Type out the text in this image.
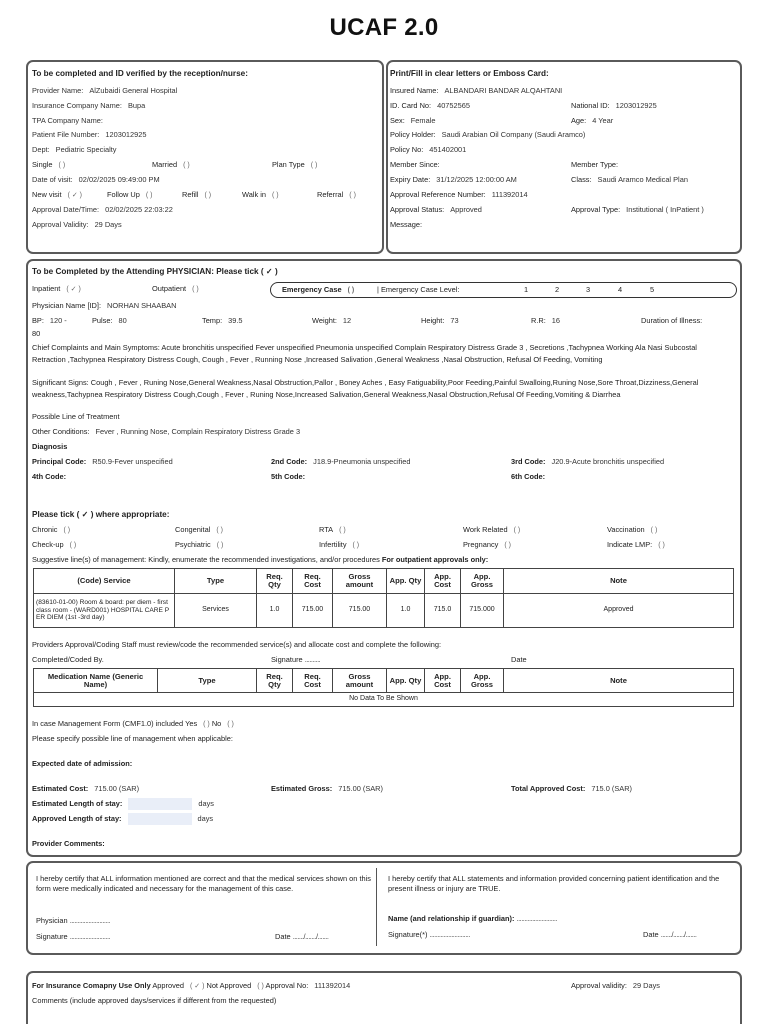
UCAF 2.0
To be completed and ID verified by the reception/nurse:
Provider Name: AlZubaidi General Hospital
Insurance Company Name: Bupa
TPA Company Name:
Patient File Number: 1203012925
Dept: Pediatric Specialty
Single ( )	Married ( )	Plan Type ( )
Date of visit: 02/02/2025 09:49:00 PM
New visit ( ✓ )	Follow Up ( )	Refill ( )	Walk in ( )	Referral ( )
Approval Date/Time: 02/02/2025 22:03:22
Approval Validity: 29 Days
Print/Fill in clear letters or Emboss Card:
Insured Name: ALBANDARI BANDAR ALQAHTANI
ID. Card No: 40752565	National ID: 1203012925
Sex: Female	Age: 4 Year
Policy Holder: Saudi Arabian Oil Company (Saudi Aramco)
Policy No: 451402001
Member Since:	Member Type:
Expiry Date: 31/12/2025 12:00:00 AM	Class: Saudi Aramco Medical Plan
Approval Reference Number: 111392014
Approval Status: Approved	Approval Type: Institutional ( InPatient )
Message:
To be Completed by the Attending PHYSICIAN: Please tick ( ✓ )
Inpatient ( ✓ )	Outpatient ( )	Emergency Case ( )	| Emergency Case Level:	1	2	3	4	5
Physician Name [ID]: NORHAN SHAABAN
BP: 120 -
80
Pulse: 80	Temp: 39.5	Weight: 12	Height: 73	R.R: 16	Duration of Illness:
Chief Complaints and Main Symptoms: Acute bronchitis unspecified Fever unspecified Pneumonia unspecified Complain Respiratory Distress Grade 3 , Secretions ,Tachypnea Working Ala Nasi Subcostal Retraction ,Tachypnea Respiratory Distress Cough, Cough , Fever , Running Nose ,Increased Salivation ,General Weakness ,Nasal Obstruction, Refusal Of Feeding, Vomiting
Significant Signs: Cough , Fever , Runing Nose,General Weakness,Nasal Obstruction,Pallor , Boney Aches , Easy Fatiguability,Poor Feeding,Painful Swalloing,Runing Nose,Sore Throat,Dizziness,General weakness,Tachypnea Respiratory Distress Cough,Cough , Fever , Runing Nose,Increased Salivation,General Weakness,Nasal Obstruction,Refusal Of Feeding,Vomiting & Diarrhea
Possible Line of Treatment
Other Conditions: Fever , Running Nose, Complain Respiratory Distress Grade 3
Diagnosis
Principal Code: R50.9-Fever unspecified	2nd Code: J18.9-Pneumonia unspecified	3rd Code: J20.9-Acute bronchitis unspecified
4th Code:	5th Code:	6th Code:
Please tick ( ✓ ) where appropriate:
Chronic ( )	Congenital ( )	RTA ( )	Work Related ( )	Vaccination ( )
Check-up ( )	Psychiatric ( )	Infertility ( )	Pregnancy ( )	Indicate LMP: ( )
Suggestive line(s) of management: Kindly, enumerate the recommended investigations, and/or procedures For outpatient approvals only:
(Code) Service	Type	Req. Qty	Req. Cost	Gross amount	App. Qty	App. Cost	App. Gross	Note
(83610-01-00) Room & board: per diem - first class room - (WARD001) HOSPITAL CARE PER DIEM (1st -3rd day)	Services	1.0	715.00	715.00	1.0	715.0	715.000	Approved
Providers Approval/Coding Staff must review/code the recommended service(s) and allocate cost and complete the following:
Completed/Coded By.	Signature ..........	Date
Medication Name (Generic Name)	Type	Req. Qty	Req. Cost	Gross amount	App. Qty	App. Cost	App. Gross	Note
No Data To Be Shown
In case Management Form (CMF1.0) included Yes ( ) No ( )
Please specify possible line of management when applicable:
Expected date of admission:
Estimated Cost: 715.00 (SAR)	Estimated Gross: 715.00 (SAR)	Total Approved Cost: 715.0 (SAR)
Estimated Length of stay:	days
Approved Length of stay:	days
Provider Comments:
I hereby certify that ALL information mentioned are correct and that the medical services shown on this form were medically indicated and necessary for the management of this case.
Physician ..........................
Signature ..........................	Date ......./......./.......
I hereby certify that ALL statements and information provided concerning patient identification and the present illness or injury are TRUE.
Name (and relationship if guardian): ..........................
Signature(*) ..........................	Date ......./......./.......
For Insurance Comapny Use Only Approved ( ✓ ) Not Approved ( ) Approval No: 111392014	Approval validity: 29 Days
Comments (include approved days/services if different from the requested)
